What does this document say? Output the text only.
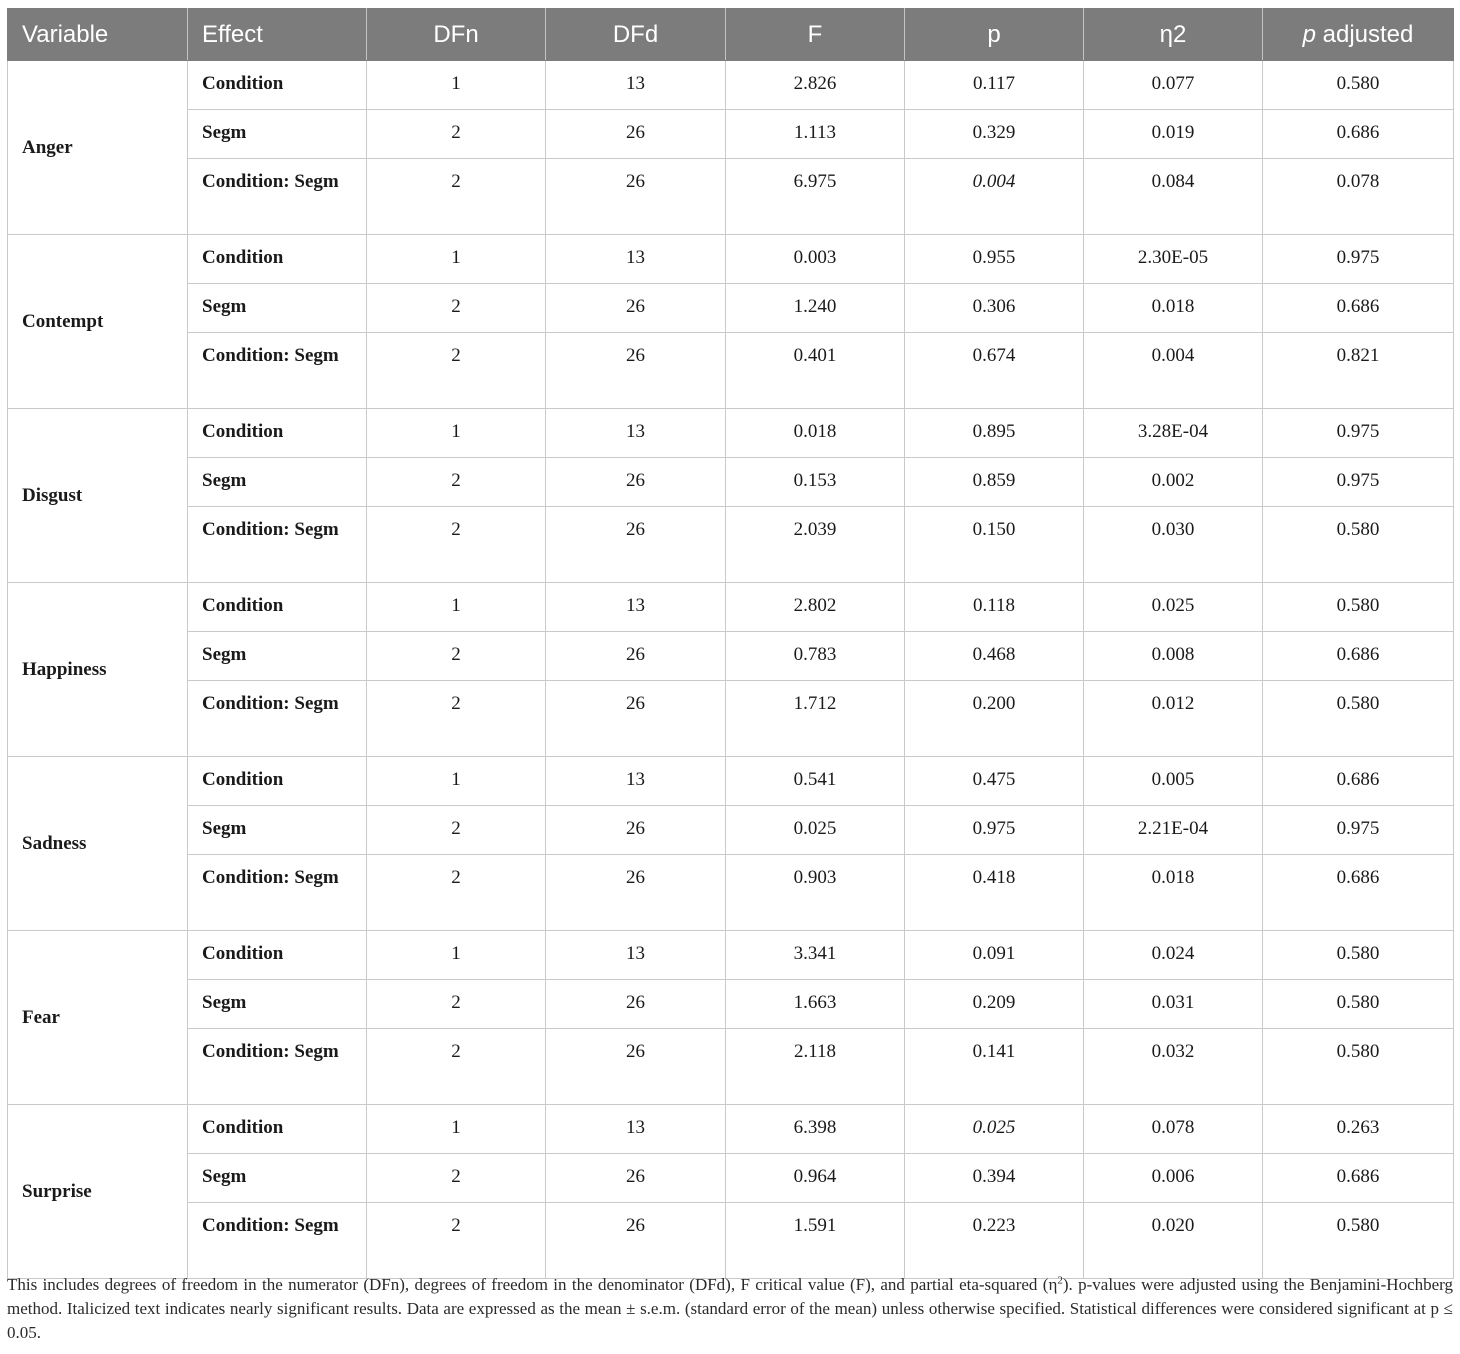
Variable	Effect	DFn	DFd	F	p	η2	p adjusted
Anger	Condition	1	13	2.826	0.117	0.077	0.580
	Segm	2	26	1.113	0.329	0.019	0.686
	Condition: Segm	2	26	6.975	0.004	0.084	0.078
Contempt	Condition	1	13	0.003	0.955	2.30E-05	0.975
	Segm	2	26	1.240	0.306	0.018	0.686
	Condition: Segm	2	26	0.401	0.674	0.004	0.821
Disgust	Condition	1	13	0.018	0.895	3.28E-04	0.975
	Segm	2	26	0.153	0.859	0.002	0.975
	Condition: Segm	2	26	2.039	0.150	0.030	0.580
Happiness	Condition	1	13	2.802	0.118	0.025	0.580
	Segm	2	26	0.783	0.468	0.008	0.686
	Condition: Segm	2	26	1.712	0.200	0.012	0.580
Sadness	Condition	1	13	0.541	0.475	0.005	0.686
	Segm	2	26	0.025	0.975	2.21E-04	0.975
	Condition: Segm	2	26	0.903	0.418	0.018	0.686
Fear	Condition	1	13	3.341	0.091	0.024	0.580
	Segm	2	26	1.663	0.209	0.031	0.580
	Condition: Segm	2	26	2.118	0.141	0.032	0.580
Surprise	Condition	1	13	6.398	0.025	0.078	0.263
	Segm	2	26	0.964	0.394	0.006	0.686
	Condition: Segm	2	26	1.591	0.223	0.020	0.580
This includes degrees of freedom in the numerator (DFn), degrees of freedom in the denominator (DFd), F critical value (F), and partial eta-squared $(\eta^2)$. p-values were adjusted using the Benjamini-Hochberg method. Italicized text indicates nearly significant results. Data are expressed as the mean ± s.e.m. (standard error of the mean) unless otherwise specified. Statistical differences were considered significant at p ≤ 0.05.
